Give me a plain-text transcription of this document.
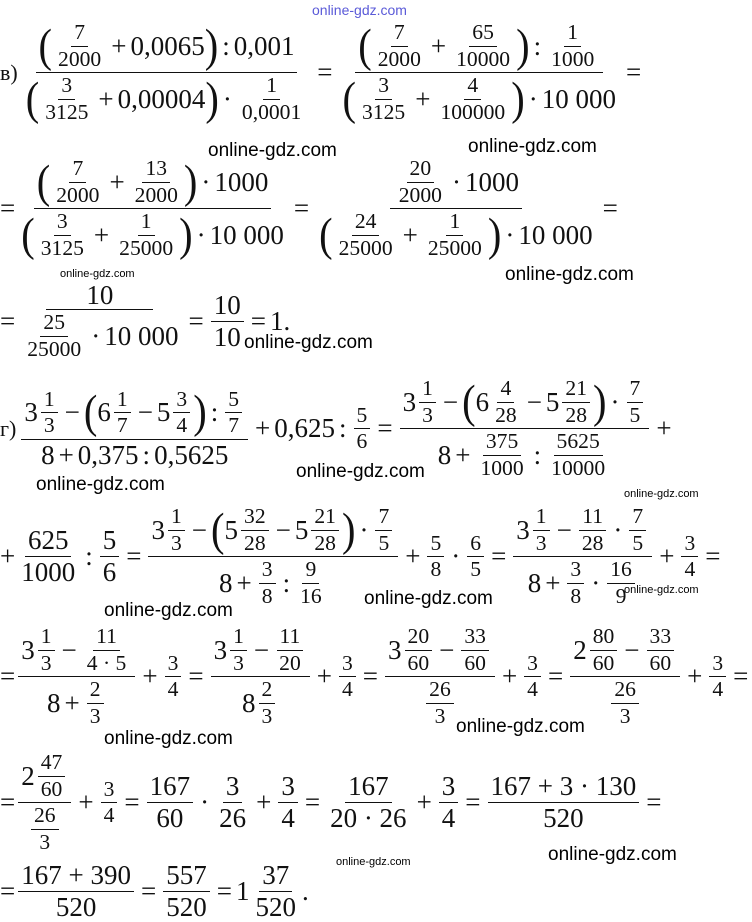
online-gdz.com
в) ( 7
2000 + 0,0065 ) : 0,001
( 3
3125 + 0,00004 ) · 1
0,0001 =
( 7
$2000 + \frac{65}{10000}$ ) : 1
1000
( 3
$3125 + \frac{4}{100000}$ ) · 10 000
=
online-gdz.com	online-gdz.com
= ( 7
$2000 + \frac{13}{2000}$ ) · 1000
( 3
$3125 + \frac{1}{25000}$ ) · 10 000 = 20
2000 · 1000
( 24
$25000 + \frac{1}{25000}$ ) · 10 000 =
online-gdz.com	online-gdz.com
= 10
25
25000 · 10 $000 = \frac{10}{10} = 1$ .
online-gdz.com
г)
3 1
3 − ( 6 1
7 − 5 3
4 ) : 5
7
8 + 0,375 : 0,5625
+ 0,625 : $\frac{5}{6}$ =
3 1
3 − ( 6 4
28 − 5 21
28 ) · 7
5
$8 + \frac{375}{1000}$ : 5625
10000
+
online-gdz.com
online-gdz.com	online-gdz.com
+ $\frac{625}{1000}$ : $\frac{5}{6}$ =
3 1
3 − ( 5 32
28 − 5 21
28 ) · 7
5
$8 + \frac{3}{8}$ : 9
16
+ $\frac{5}{8} \cdot \frac{6}{5} = 3$ 1
$3 - \frac{11}{28} \cdot 7$
5
$8 + \frac{3}{8} \cdot 16$
$9 + \frac{3}{4}$ =
online-gdz.com
online-gdz.com
online-gdz.com
= 3 1
$3 - \frac{11}{4 \cdot 5}$
$8 + \frac{2}{3} + \frac{3}{4} = 3$ 1
$3 - \frac{11}{20}$
8 2
$3 + \frac{3}{4} = 3$ 20
$60 - \frac{33}{60}$
26
$3 + \frac{3}{4} = 2$ 80
$60 - \frac{33}{60}$
26
$3 + \frac{3}{4}$ =
online-gdz.com
online-gdz.com
= 2 47
60
26
$3 + \frac{3}{4} = \frac{167}{60}$ ·
3
26
+ $\frac{3}{4} = \frac{167}{20 \cdot 26} + \frac{3}{4} = \frac{167 + 3 \cdot 130}{520}$ =
online-gdz.com
online-gdz.com
= $\frac{167 + 390}{520} = \frac{557}{520} = 1$
37
520
.
